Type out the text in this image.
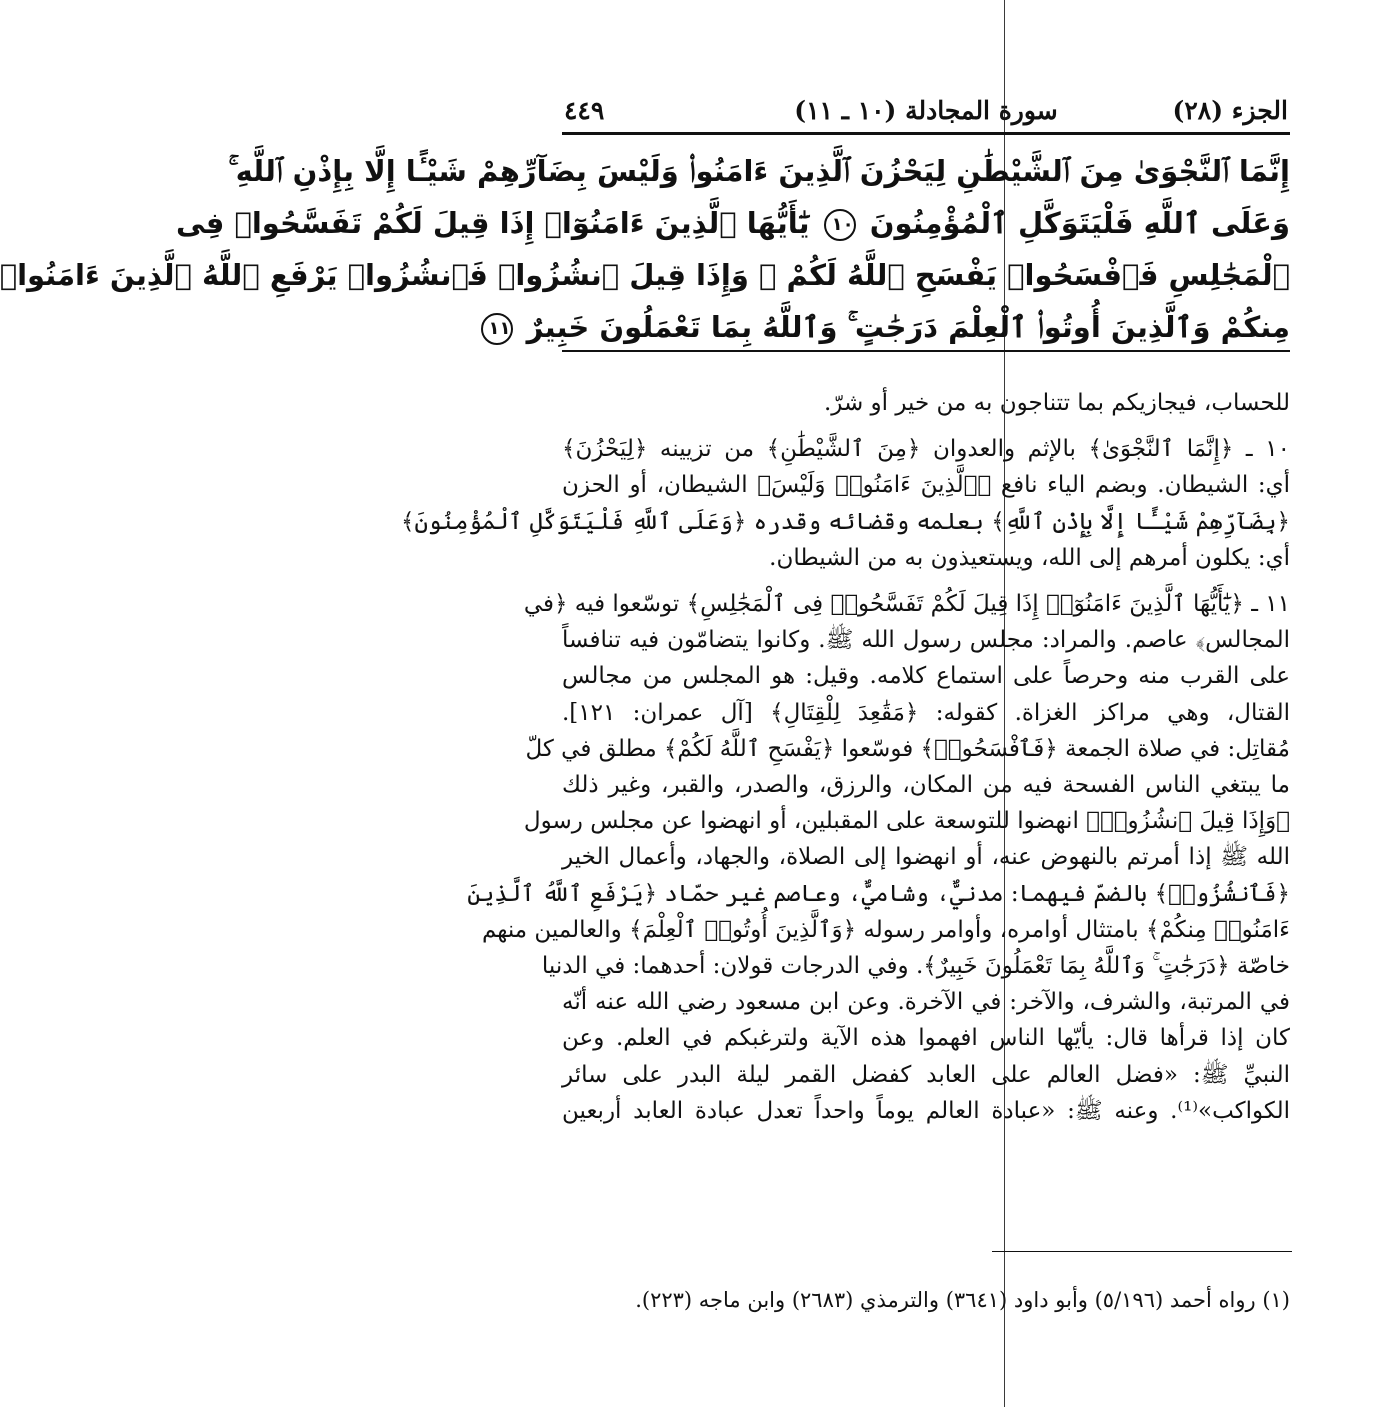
الجزء (٢٨)
سورة المجادلة (١٠ ـ ١١)
٤٤٩
إِنَّمَا ٱلنَّجْوَىٰ مِنَ ٱلشَّيْطَٰنِ لِيَحْزُنَ ٱلَّذِينَ ءَامَنُوا۟ وَلَيْسَ بِضَآرِّهِمْ شَيْـًٔا إِلَّا بِإِذْنِ ٱللَّهِ ۚ
وَعَلَى ٱللَّهِ فَلْيَتَوَكَّلِ ٱلْمُؤْمِنُونَ ١٠ يَٰٓأَيُّهَا ٱلَّذِينَ ءَامَنُوٓا۟ إِذَا قِيلَ لَكُمْ تَفَسَّحُوا۟ فِى
ٱلْمَجَٰلِسِ فَٱفْسَحُوا۟ يَفْسَحِ ٱللَّهُ لَكُمْ ۖ وَإِذَا قِيلَ ٱنشُزُوا۟ فَٱنشُزُوا۟ يَرْفَعِ ٱللَّهُ ٱلَّذِينَ ءَامَنُوا۟
مِنكُمْ وَٱلَّذِينَ أُوتُوا۟ ٱلْعِلْمَ دَرَجَٰتٍ ۚ وَٱللَّهُ بِمَا تَعْمَلُونَ خَبِيرٌ ١١
للحساب، فيجازيكم بما تتناجون به من خير أو شرّ.
١٠ ـ ﴿إِنَّمَا ٱلنَّجْوَىٰ﴾ بالإثم والعدوان ﴿مِنَ ٱلشَّيْطَٰنِ﴾ من تزيينه ﴿لِيَحْزُنَ﴾
أي: الشيطان. وبضم الياء نافع ﴿ٱلَّذِينَ ءَامَنُوا۟ وَلَيْسَ﴾ الشيطان، أو الحزن
﴿بِضَآرِّهِمْ شَيْـًٔا إِلَّا بِإِذْنِ ٱللَّهِ﴾ بعلمه وقضائه وقدره ﴿وَعَلَى ٱللَّهِ فَلْيَتَوَكَّلِ ٱلْمُؤْمِنُونَ﴾
أي: يكلون أمرهم إلى الله، ويستعيذون به من الشيطان.
١١ ـ ﴿يَٰٓأَيُّهَا ٱلَّذِينَ ءَامَنُوٓا۟ إِذَا قِيلَ لَكُمْ تَفَسَّحُوا۟ فِى ٱلْمَجَٰلِسِ﴾ توسّعوا فيه ﴿في
المجالس﴾ عاصم. والمراد: مجلس رسول الله ﷺ. وكانوا يتضامّون فيه تنافساً
على القرب منه وحرصاً على استماع كلامه. وقيل: هو المجلس من مجالس
القتال، وهي مراكز الغزاة. كقوله: ﴿مَقَٰعِدَ لِلْقِتَالِ﴾ [آل عمران: ١٢١].
مُقاتِل: في صلاة الجمعة ﴿فَٱفْسَحُوا۟﴾ فوسّعوا ﴿يَفْسَحِ ٱللَّهُ لَكُمْ﴾ مطلق في كلّ
ما يبتغي الناس الفسحة فيه من المكان، والرزق، والصدر، والقبر، وغير ذلك
﴿وَإِذَا قِيلَ ٱنشُزُوا۟﴾ انهضوا للتوسعة على المقبلين، أو انهضوا عن مجلس رسول
الله ﷺ إذا أمرتم بالنهوض عنه، أو انهضوا إلى الصلاة، والجهاد، وأعمال الخير
﴿فَٱنشُزُوا۟﴾ بالضمّ فيهما: مدنيٌّ، وشاميٌّ، وعاصم غير حمّاد ﴿يَرْفَعِ ٱللَّهُ ٱلَّذِينَ
ءَامَنُوا۟ مِنكُمْ﴾ بامتثال أوامره، وأوامر رسوله ﴿وَٱلَّذِينَ أُوتُوا۟ ٱلْعِلْمَ﴾ والعالمين منهم
خاصّة ﴿دَرَجَٰتٍ ۚ وَٱللَّهُ بِمَا تَعْمَلُونَ خَبِيرٌ﴾. وفي الدرجات قولان: أحدهما: في الدنيا
في المرتبة، والشرف، والآخر: في الآخرة. وعن ابن مسعود رضي الله عنه أنّه
كان إذا قرأها قال: يأيّها الناس افهموا هذه الآية ولترغبكم في العلم. وعن
النبيِّ ﷺ: «فضل العالم على العابد كفضل القمر ليلة البدر على سائر
الكواكب»⁽¹⁾. وعنه ﷺ: «عبادة العالم يوماً واحداً تعدل عبادة العابد أربعين
(١) رواه أحمد (٥/١٩٦) وأبو داود (٣٦٤١) والترمذي (٢٦٨٣) وابن ماجه (٢٢٣).
